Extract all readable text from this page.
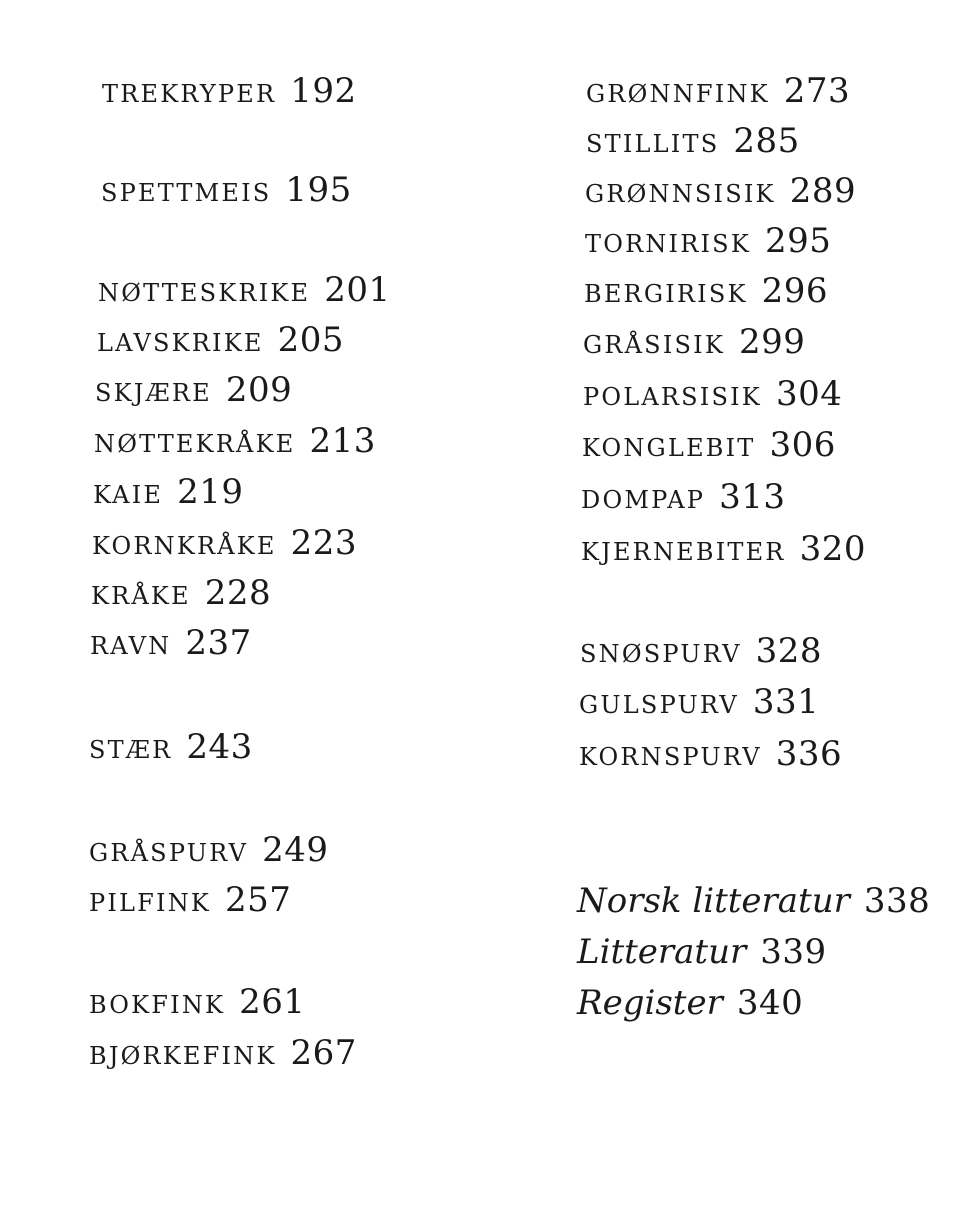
TREKRYPER 192
SPETTMEIS 195
NØTTESKRIKE 201
LAVSKRIKE 205
SKJÆRE 209
NØTTEKRÅKE 213
KAIE 219
KORNKRÅKE 223
KRÅKE 228
RAVN 237
STÆR 243
GRÅSPURV 249
PILFINK 257
BOKFINK 261
BJØRKEFINK 267
GRØNNFINK 273
STILLITS 285
GRØNNSISIK 289
TORNIRISK 295
BERGIRISK 296
GRÅSISIK 299
POLARSISIK 304
KONGLEBIT 306
DOMPAP 313
KJERNEBITER 320
SNØSPURV 328
GULSPURV 331
KORNSPURV 336
Norsk litteratur 338
Litteratur 339
Register 340
